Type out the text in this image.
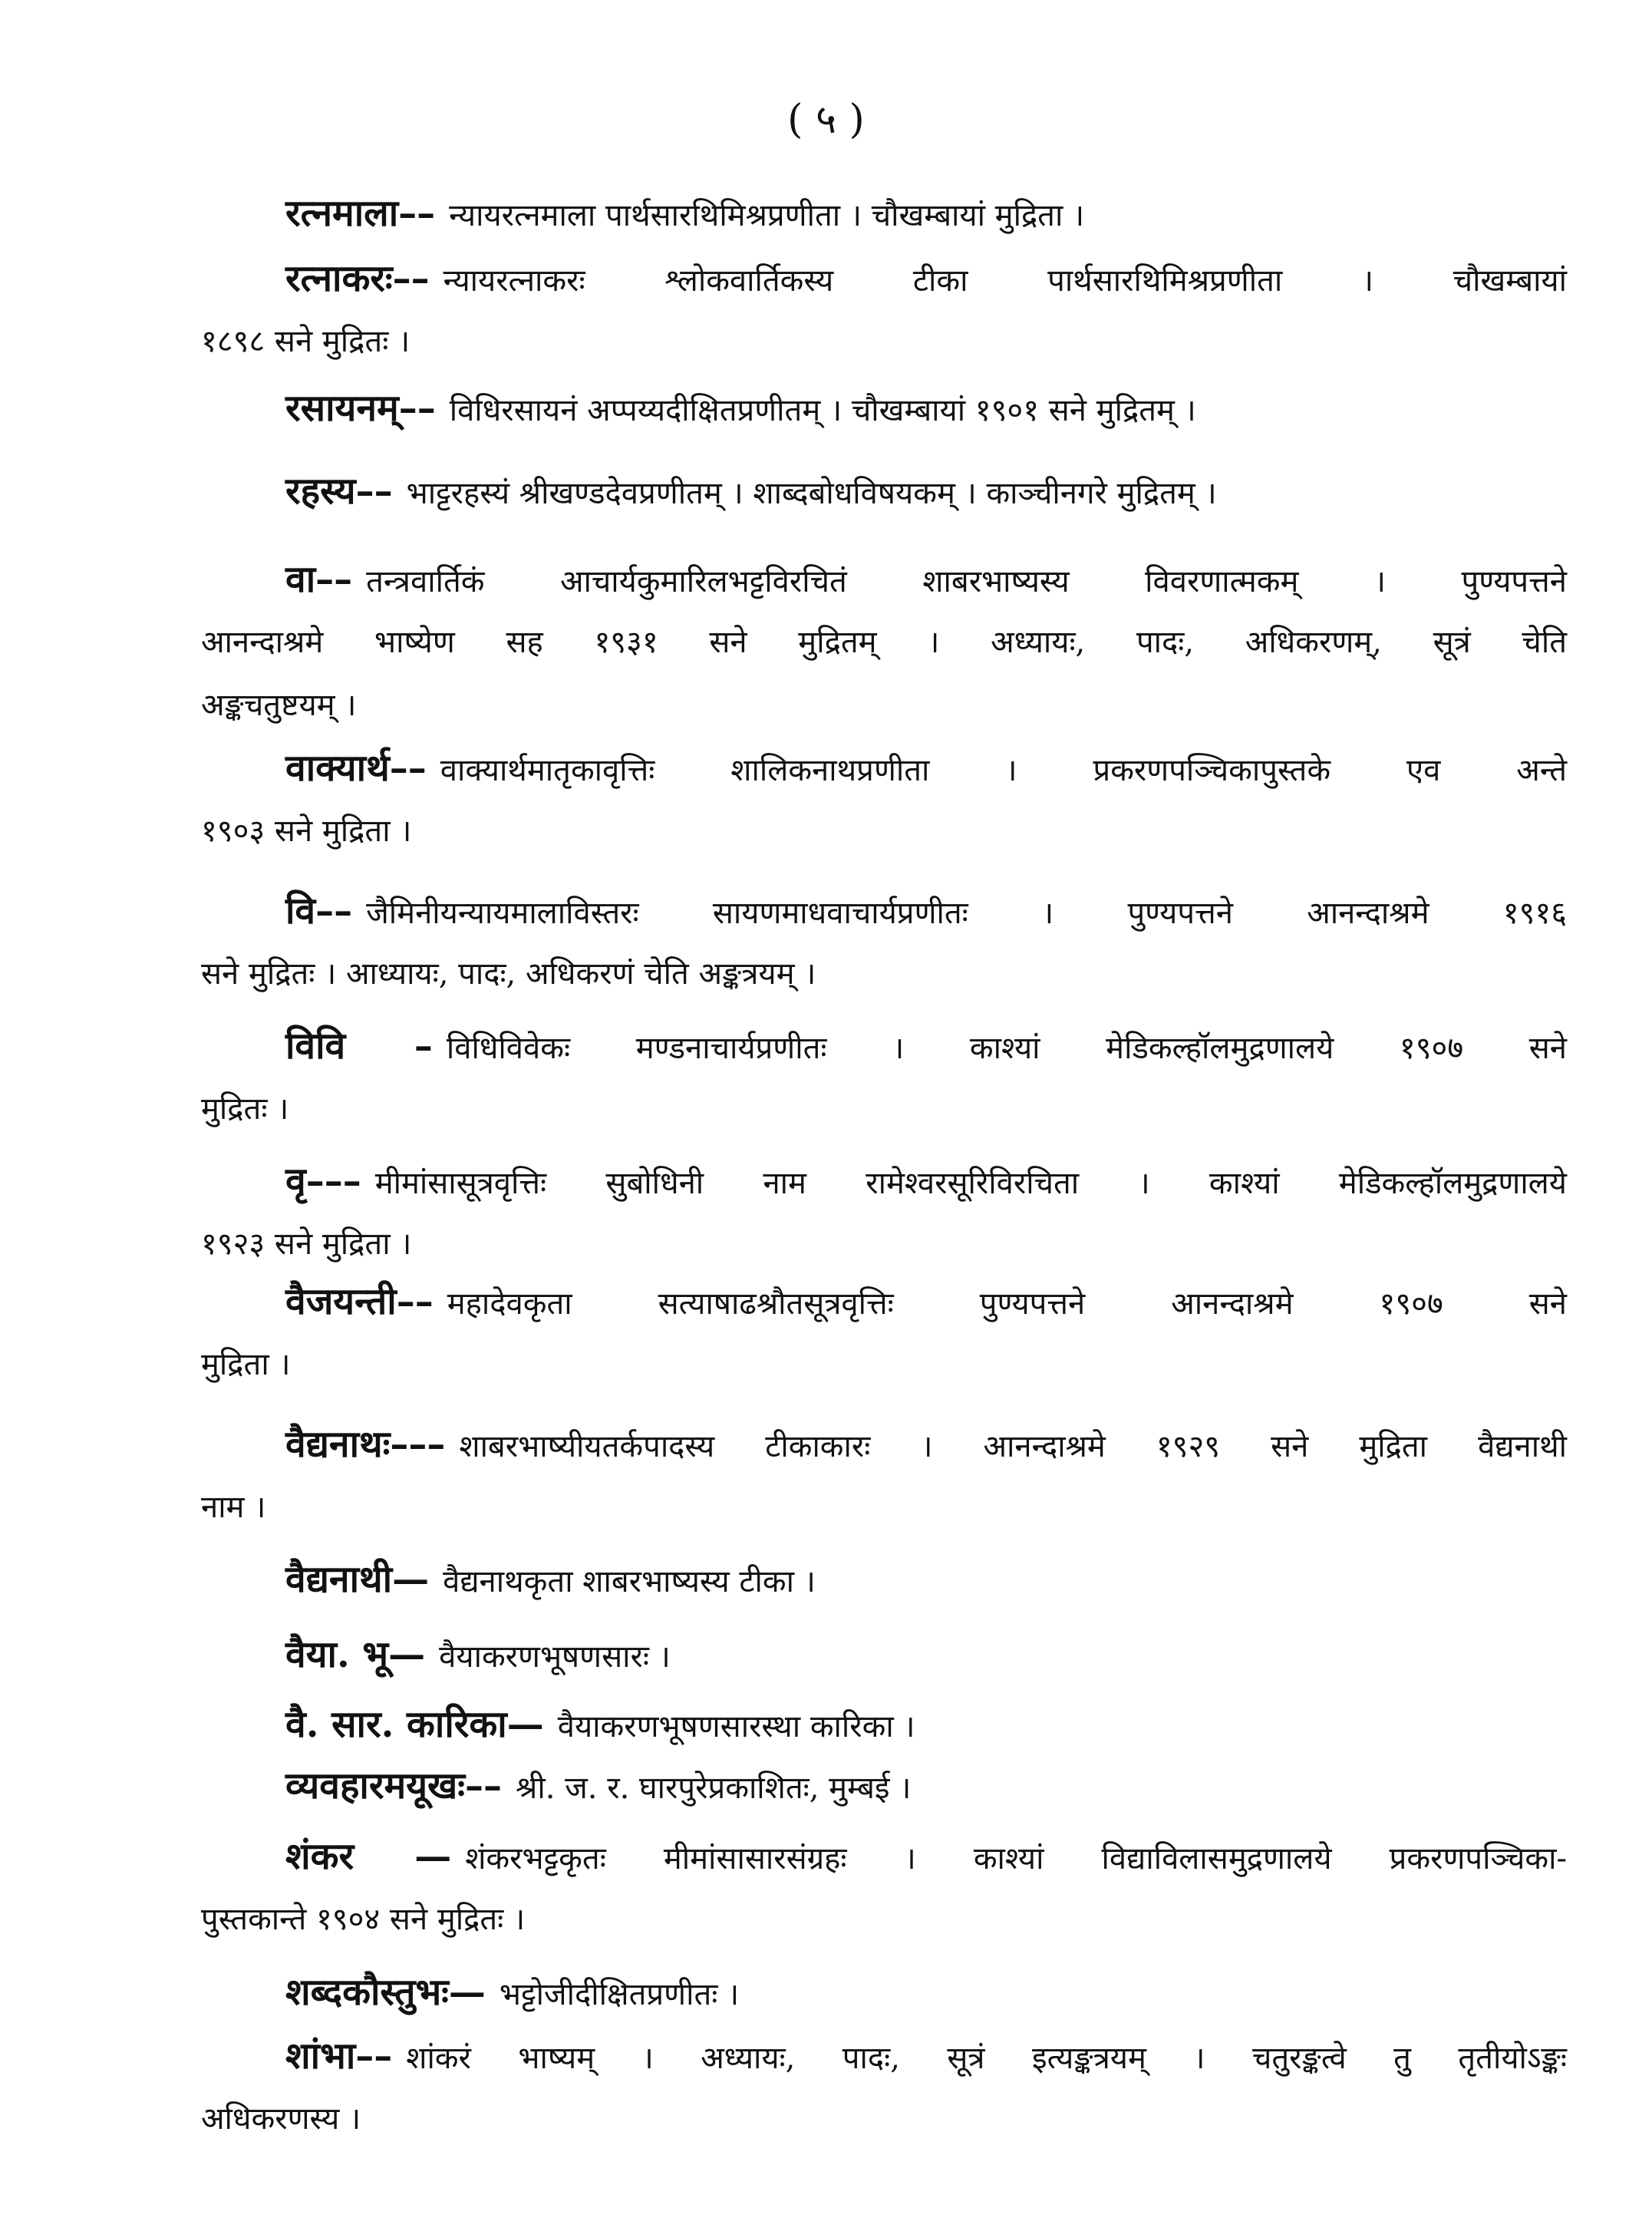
( ५ )
रत्नमाला–– न्यायरत्नमाला पार्थसारथिमिश्रप्रणीता । चौखम्बायां मुद्रिता ।
रत्नाकरः–– न्यायरत्नाकरः श्लोकवार्तिकस्य टीका पार्थसारथिमिश्रप्रणीता । चौखम्बायां
१८९८ सने मुद्रितः ।
रसायनम्–– विधिरसायनं अप्पय्यदीक्षितप्रणीतम् । चौखम्बायां १९०१ सने मुद्रितम् ।
रहस्य–– भाट्टरहस्यं श्रीखण्डदेवप्रणीतम् । शाब्दबोधविषयकम् । काञ्चीनगरे मुद्रितम् ।
वा–– तन्त्रवार्तिकं आचार्यकुमारिलभट्टविरचितं शाबरभाष्यस्य विवरणात्मकम् । पुण्यपत्तने
आनन्दाश्रमे भाष्येण सह १९३१ सने मुद्रितम् । अध्यायः, पादः, अधिकरणम्, सूत्रं चेति
अङ्कचतुष्टयम् ।
वाक्यार्थ–– वाक्यार्थमातृकावृत्तिः शालिकनाथप्रणीता । प्रकरणपञ्चिकापुस्तके एव अन्ते
१९०३ सने मुद्रिता ।
वि–– जैमिनीयन्यायमालाविस्तरः सायणमाधवाचार्यप्रणीतः । पुण्यपत्तने आनन्दाश्रमे १९१६
सने मुद्रितः । आध्यायः, पादः, अधिकरणं चेति अङ्कत्रयम् ।
विवि – विधिविवेकः मण्डनाचार्यप्रणीतः । काश्यां मेडिकल्हॉलमुद्रणालये १९०७ सने
मुद्रितः ।
वृ––– मीमांसासूत्रवृत्तिः सुबोधिनी नाम रामेश्वरसूरिविरचिता । काश्यां मेडिकल्हॉलमुद्रणालये
१९२३ सने मुद्रिता ।
वैजयन्ती–– महादेवकृता सत्याषाढश्रौतसूत्रवृत्तिः पुण्यपत्तने आनन्दाश्रमे १९०७ सने
मुद्रिता ।
वैद्यनाथः––– शाबरभाष्यीयतर्कपादस्य टीकाकारः । आनन्दाश्रमे १९२९ सने मुद्रिता वैद्यनाथी
नाम ।
वैद्यनाथी— वैद्यनाथकृता शाबरभाष्यस्य टीका ।
वैया. भू— वैयाकरणभूषणसारः ।
वै. सार. कारिका— वैयाकरणभूषणसारस्था कारिका ।
व्यवहारमयूखः–– श्री. ज. र. घारपुरेप्रकाशितः, मुम्बई ।
शंकर — शंकरभट्टकृतः मीमांसासारसंग्रहः । काश्यां विद्याविलासमुद्रणालये प्रकरणपञ्चिका-
पुस्तकान्ते १९०४ सने मुद्रितः ।
शब्दकौस्तुभः— भट्टोजीदीक्षितप्रणीतः ।
शांभा–– शांकरं भाष्यम् । अध्यायः, पादः, सूत्रं इत्यङ्कत्रयम् । चतुरङ्कत्वे तु तृतीयोऽङ्कः
अधिकरणस्य ।
